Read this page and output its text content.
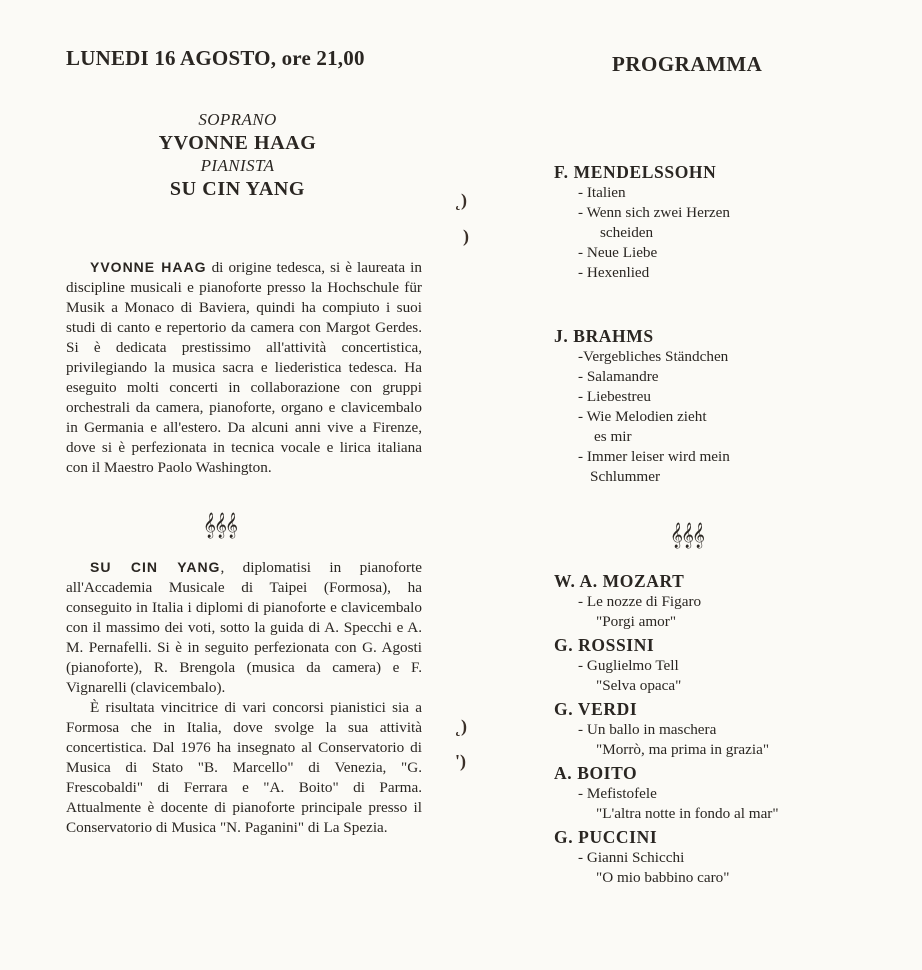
LUNEDI 16 AGOSTO, ore 21,00	PROGRAMMA
SOPRANO
YVONNE HAAG
PIANISTA
SU CIN YANG

YVONNE HAAG di origine tedesca, si è laureata in discipline musicali e pianoforte presso la Hochschule für Musik a Monaco di Baviera, quindi ha compiuto i suoi studi di canto e repertorio da camera con Margot Gerdes. Si è dedicata prestissimo all'attività concertistica, privilegiando la musica sacra e liederistica tedesca. Ha eseguito molti concerti in collaborazione con gruppi orchestrali da camera, pianoforte, organo e clavicembalo in Germania e all'estero. Da alcuni anni vive a Firenze, dove si è perfezionata in tecnica vocale e lirica italiana con il Maestro Paolo Washington.

𝄞𝄞𝄞

SU CIN YANG, diplomatisi in pianoforte all'Accademia Musicale di Taipei (Formosa), ha conseguito in Italia i diplomi di pianoforte e clavicembalo con il massimo dei voti, sotto la guida di A. Specchi e A. M. Pernafelli. Si è in seguito perfezionata con G. Agosti (pianoforte), R. Brengola (musica da camera) e F. Vignarelli (clavicembalo).

È risultata vincitrice di vari concorsi pianistici sia a Formosa che in Italia, dove svolge la sua attività concertistica. Dal 1976 ha insegnato al Conservatorio di Musica di Stato "B. Marcello" di Venezia, "G. Frescobaldi" di Ferrara e "A. Boito" di Parma. Attualmente è docente di pianoforte principale presso il Conservatorio di Musica "N. Paganini" di La Spezia.

˛)
)
˛)
')
F. MENDELSSOHN
- Italien
- Wenn sich zwei Herzen
scheiden
- Neue Liebe
- Hexenlied
J. BRAHMS
-Vergebliches Ständchen
- Salamandre
- Liebestreu
- Wie Melodien zieht
es mir
- Immer leiser wird mein
Schlummer
𝄞𝄞𝄞
W. A. MOZART
- Le nozze di Figaro
"Porgi amor"
G. ROSSINI
- Guglielmo Tell
"Selva opaca"
G. VERDI
- Un ballo in maschera
"Morrò, ma prima in grazia"
A. BOITO
- Mefistofele
"L'altra notte in fondo al mar"
G. PUCCINI
- Gianni Schicchi
"O mio babbino caro"
